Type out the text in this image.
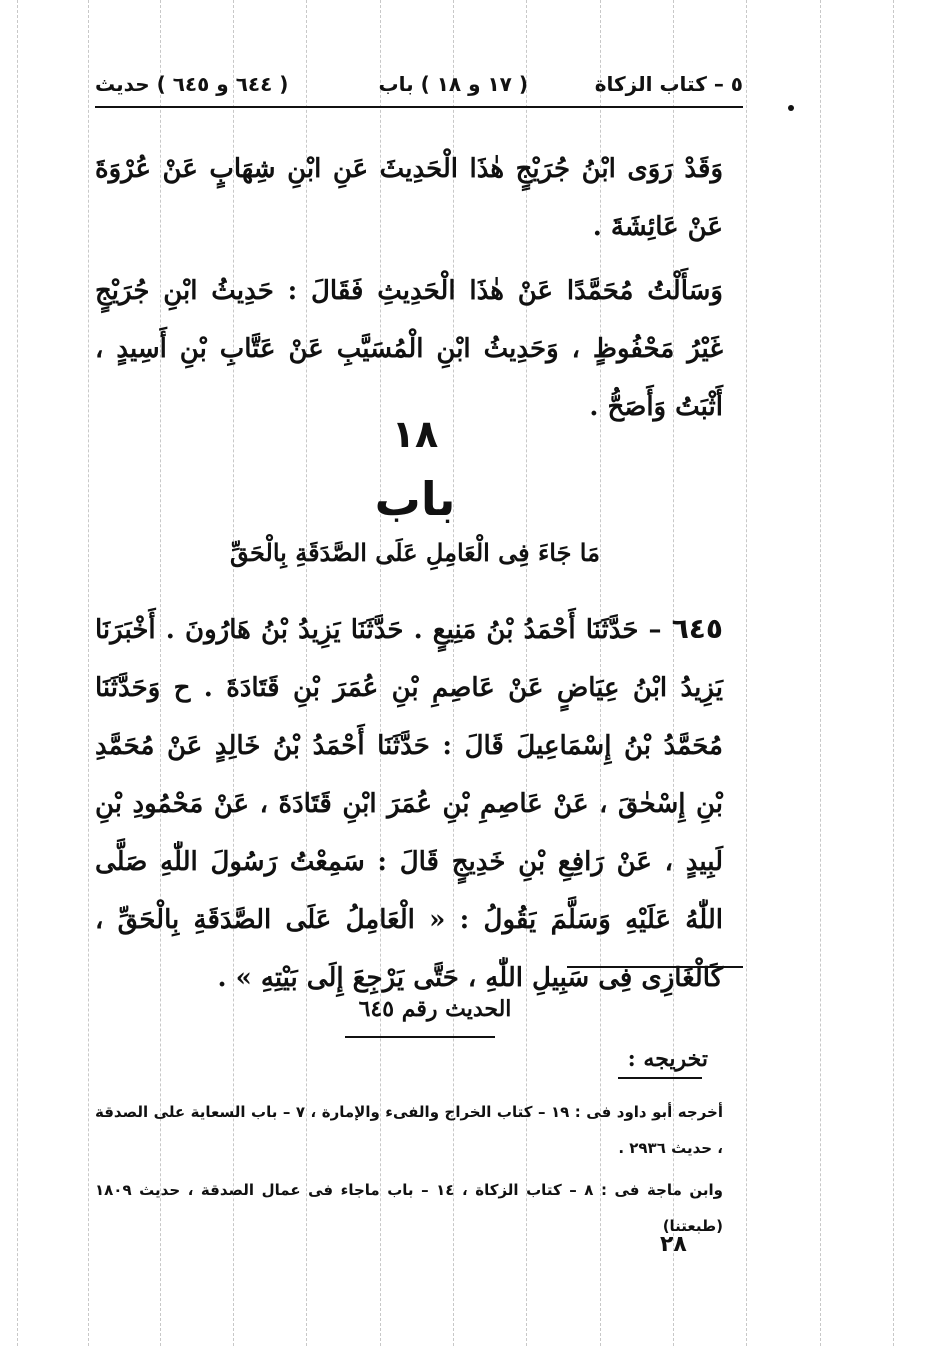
٥ – كتاب الزكاة
( ١٧ و ١٨ ) باب
( ٦٤٤ و ٦٤٥ ) حديث

وَقَدْ رَوَى ابْنُ جُرَيْجٍ هٰذَا الْحَدِيثَ عَنِ ابْنِ شِهَابٍ عَنْ عُرْوَةَ عَنْ عَائِشَةَ .

وَسَأَلْتُ مُحَمَّدًا عَنْ هٰذَا الْحَدِيثِ فَقَالَ : حَدِيثُ ابْنِ جُرَيْجٍ غَيْرُ مَحْفُوظٍ ، وَحَدِيثُ ابْنِ الْمُسَيَّبِ عَنْ عَتَّابِ بْنِ أَسِيدٍ ، أَثْبَتُ وَأَصَحُّ .

١٨
باب
مَا جَاءَ فِى الْعَامِلِ عَلَى الصَّدَقَةِ بِالْحَقِّ
٦٤٥ – حَدَّثَنَا أَحْمَدُ بْنُ مَنِيعٍ . حَدَّثَنَا يَزِيدُ بْنُ هَارُونَ . أَخْبَرَنَا يَزِيدُ ابْنُ عِيَاضٍ عَنْ عَاصِمِ بْنِ عُمَرَ بْنِ قَتَادَةَ . ح وَحَدَّثَنَا مُحَمَّدُ بْنُ إِسْمَاعِيلَ قَالَ : حَدَّثَنَا أَحْمَدُ بْنُ خَالِدٍ عَنْ مُحَمَّدِ بْنِ إِسْحٰقَ ، عَنْ عَاصِمِ بْنِ عُمَرَ ابْنِ قَتَادَةَ ، عَنْ مَحْمُودِ بْنِ لَبِيدٍ ، عَنْ رَافِعِ بْنِ خَدِيجٍ قَالَ : سَمِعْتُ رَسُولَ اللّٰهِ صَلَّى اللّٰهُ عَلَيْهِ وَسَلَّمَ يَقُولُ : « الْعَامِلُ عَلَى الصَّدَقَةِ بِالْحَقِّ ، كَالْغَازِى فِى سَبِيلِ اللّٰهِ ، حَتَّى يَرْجِعَ إِلَى بَيْتِهِ » .
الحديث رقم ٦٤٥
تخريجه :
أخرجه أبو داود فى : ١٩ – كتاب الخراج والفىء والإمارة ، ٧ – باب السعاية على الصدقة ، حديث ٢٩٣٦ .
وابن ماجة فى : ٨ – كتاب الزكاة ، ١٤ – باب ماجاء فى عمال الصدقة ، حديث ١٨٠٩ (طبعتنا)
٢٨
